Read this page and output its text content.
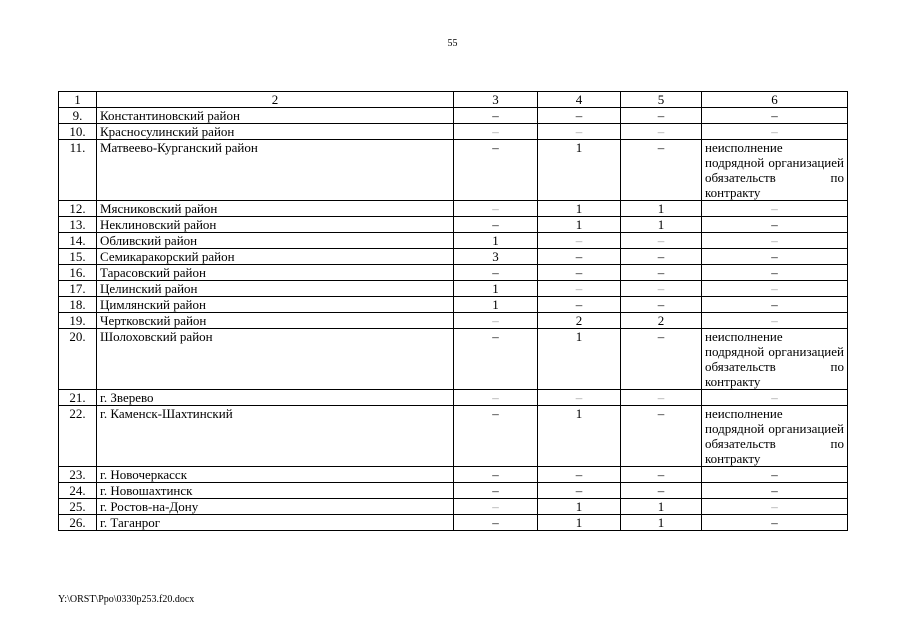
55
1	2	3	4	5	6
9.	Константиновский район	–	–	–	–
10.	Красносулинский район	–	–	–	–
11.	Матвеево-Курганский район	–	1	–	неисполнение подрядной организацией обязательств по контракту
12.	Мясниковский район	–	1	1	–
13.	Неклиновский район	–	1	1	–
14.	Обливский район	1	–	–	–
15.	Семикаракорский район	3	–	–	–
16.	Тарасовский район	–	–	–	–
17.	Целинский район	1	–	–	–
18.	Цимлянский район	1	–	–	–
19.	Чертковский район	–	2	2	–
20.	Шолоховский район	–	1	–	неисполнение подрядной организацией обязательств по контракту
21.	г. Зверево	–	–	–	–
22.	г. Каменск-Шахтинский	–	1	–	неисполнение подрядной организацией обязательств по контракту
23.	г. Новочеркасск	–	–	–	–
24.	г. Новошахтинск	–	–	–	–
25.	г. Ростов-на-Дону	–	1	1	–
26.	г. Таганрог	–	1	1	–
Y:\ORST\Ppo\0330p253.f20.docx
